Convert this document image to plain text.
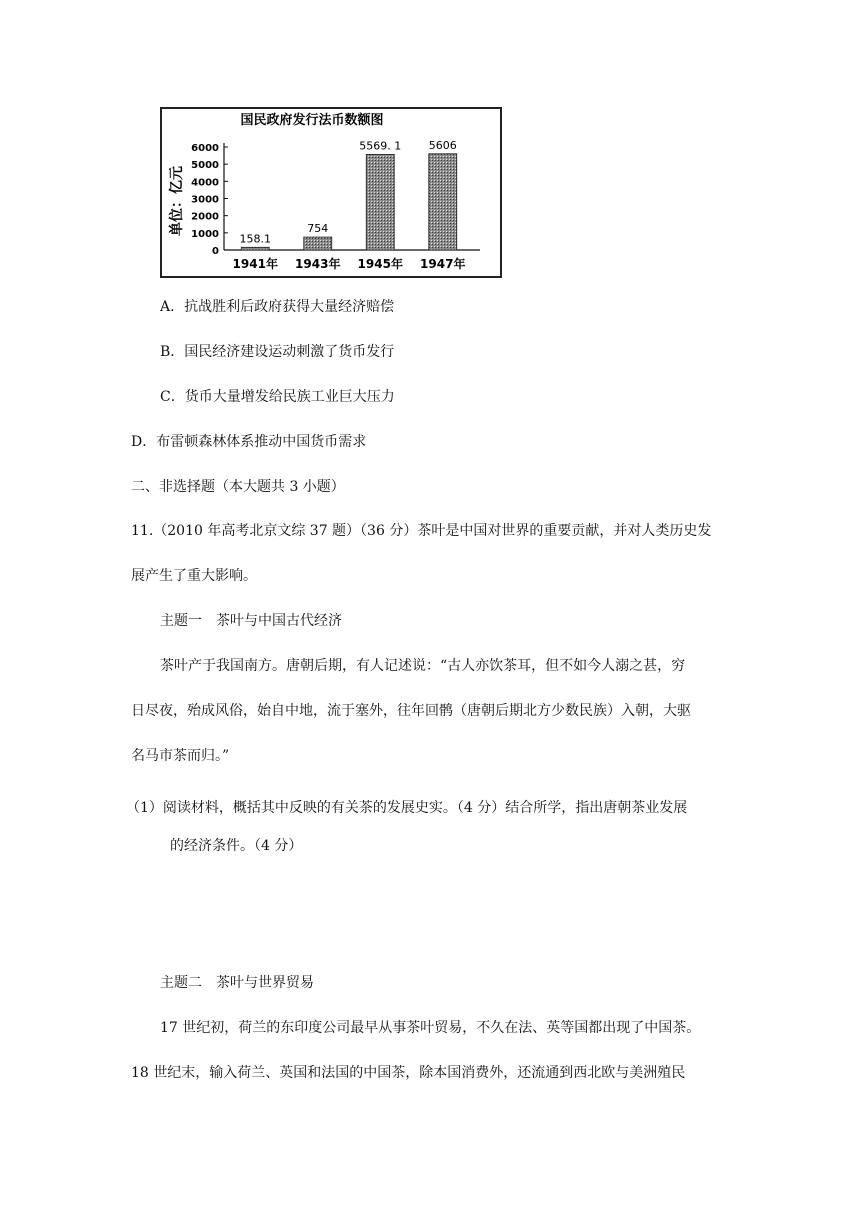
国民政府发行法币数额图
单位：亿元
0
1000
2000
3000
4000
5000
6000
158.1
754
5569. 1	5606
1941年 1943年 1945年 1947年
A．抗战胜利后政府获得大量经济赔偿
B．国民经济建设运动刺激了货币发行
C．货币大量增发给民族工业巨大压力
D．布雷顿森林体系推动中国货币需求
二、非选择题（本大题共 3 小题）
11.（2010 年高考北京文综 37 题）（36 分）茶叶是中国对世界的重要贡献，并对人类历史发
展产生了重大影响。
主题一　茶叶与中国古代经济
茶叶产于我国南方。唐朝后期，有人记述说：“古人亦饮茶耳，但不如今人溺之甚，穷
日尽夜，殆成风俗，始自中地，流于塞外，往年回鹘（唐朝后期北方少数民族）入朝，大驱
名马市茶而归。”
（1）阅读材料，概括其中反映的有关茶的发展史实。（4 分）结合所学，指出唐朝茶业发展
的经济条件。（4 分）
主题二　茶叶与世界贸易
17 世纪初，荷兰的东印度公司最早从事茶叶贸易，不久在法、英等国都出现了中国茶。
18 世纪末，输入荷兰、英国和法国的中国茶，除本国消费外，还流通到西北欧与美洲殖民
